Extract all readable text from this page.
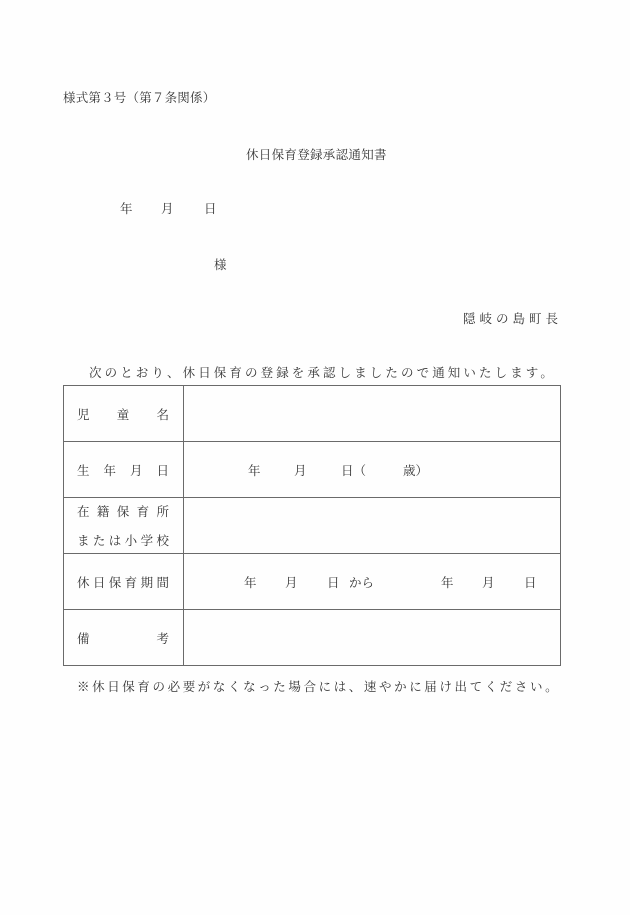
様式第３号（第７条関係）
休日保育登録承認通知書
年 月 日
様
隠岐の島町長
次のとおり、休日保育の登録を承認しましたので通知いたします。
児 童 名	

生 年 月 日	年 月 日（ 歳）

在 籍 保 育 所
ま た は 小 学 校

休 日 保 育 期 間	年 月 日 から	年 月 日

備 考	

※休日保育の必要がなくなった場合には、速やかに届け出てください。
